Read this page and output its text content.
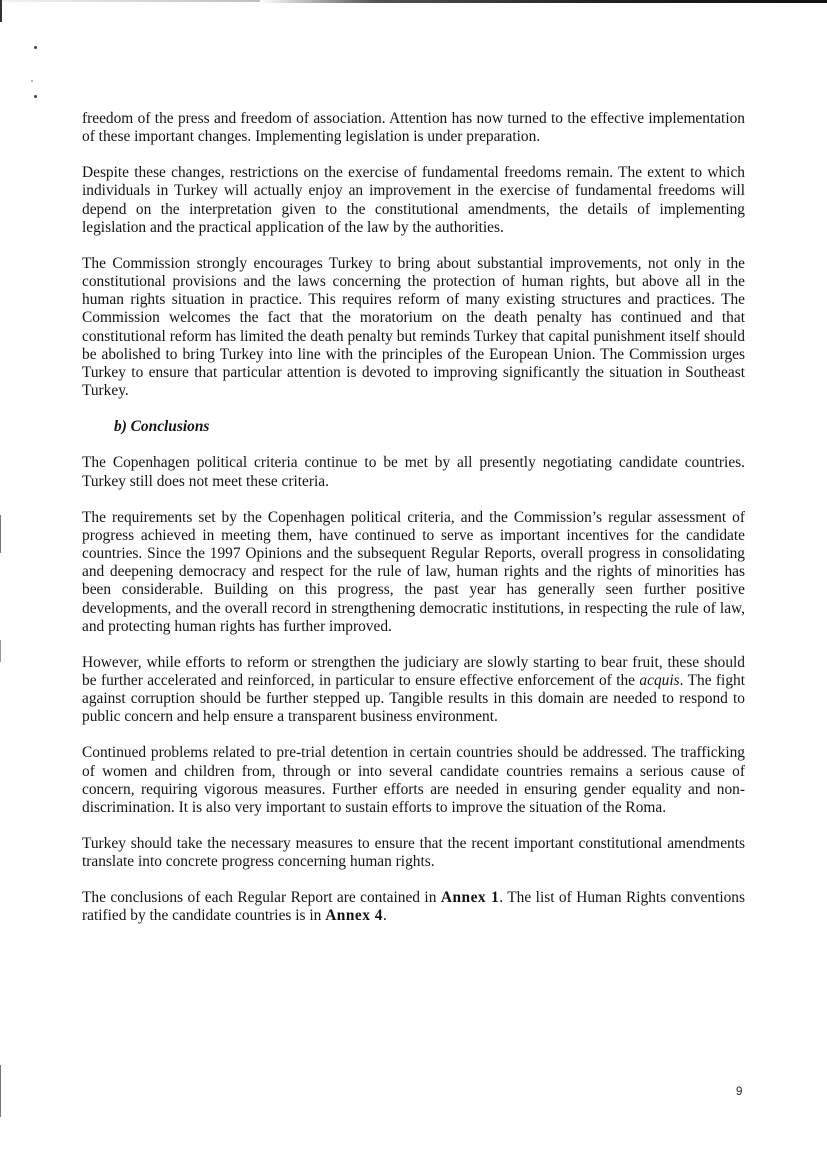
freedom of the press and freedom of association. Attention has now turned to the effective implementation of these important changes. Implementing legislation is under preparation.

Despite these changes, restrictions on the exercise of fundamental freedoms remain. The extent to which individuals in Turkey will actually enjoy an improvement in the exercise of fundamental freedoms will depend on the interpretation given to the constitutional amendments, the details of implementing legislation and the practical application of the law by the authorities.

The Commission strongly encourages Turkey to bring about substantial improvements, not only in the constitutional provisions and the laws concerning the protection of human rights, but above all in the human rights situation in practice. This requires reform of many existing structures and practices. The Commission welcomes the fact that the moratorium on the death penalty has continued and that constitutional reform has limited the death penalty but reminds Turkey that capital punishment itself should be abolished to bring Turkey into line with the principles of the European Union. The Commission urges Turkey to ensure that particular attention is devoted to improving significantly the situation in Southeast Turkey.

b) Conclusions

The Copenhagen political criteria continue to be met by all presently negotiating candidate countries. Turkey still does not meet these criteria.

The requirements set by the Copenhagen political criteria, and the Commission’s regular assessment of progress achieved in meeting them, have continued to serve as important incentives for the candidate countries. Since the 1997 Opinions and the subsequent Regular Reports, overall progress in consolidating and deepening democracy and respect for the rule of law, human rights and the rights of minorities has been considerable. Building on this progress, the past year has generally seen further positive developments, and the overall record in strengthening democratic institutions, in respecting the rule of law, and protecting human rights has further improved.

However, while efforts to reform or strengthen the judiciary are slowly starting to bear fruit, these should be further accelerated and reinforced, in particular to ensure effective enforcement of the acquis. The fight against corruption should be further stepped up. Tangible results in this domain are needed to respond to public concern and help ensure a transparent business environment.

Continued problems related to pre-trial detention in certain countries should be addressed. The trafficking of women and children from, through or into several candidate countries remains a serious cause of concern, requiring vigorous measures. Further efforts are needed in ensuring gender equality and non-discrimination. It is also very important to sustain efforts to improve the situation of the Roma.

Turkey should take the necessary measures to ensure that the recent important constitutional amendments translate into concrete progress concerning human rights.

The conclusions of each Regular Report are contained in Annex 1. The list of Human Rights conventions ratified by the candidate countries is in Annex 4.

9
